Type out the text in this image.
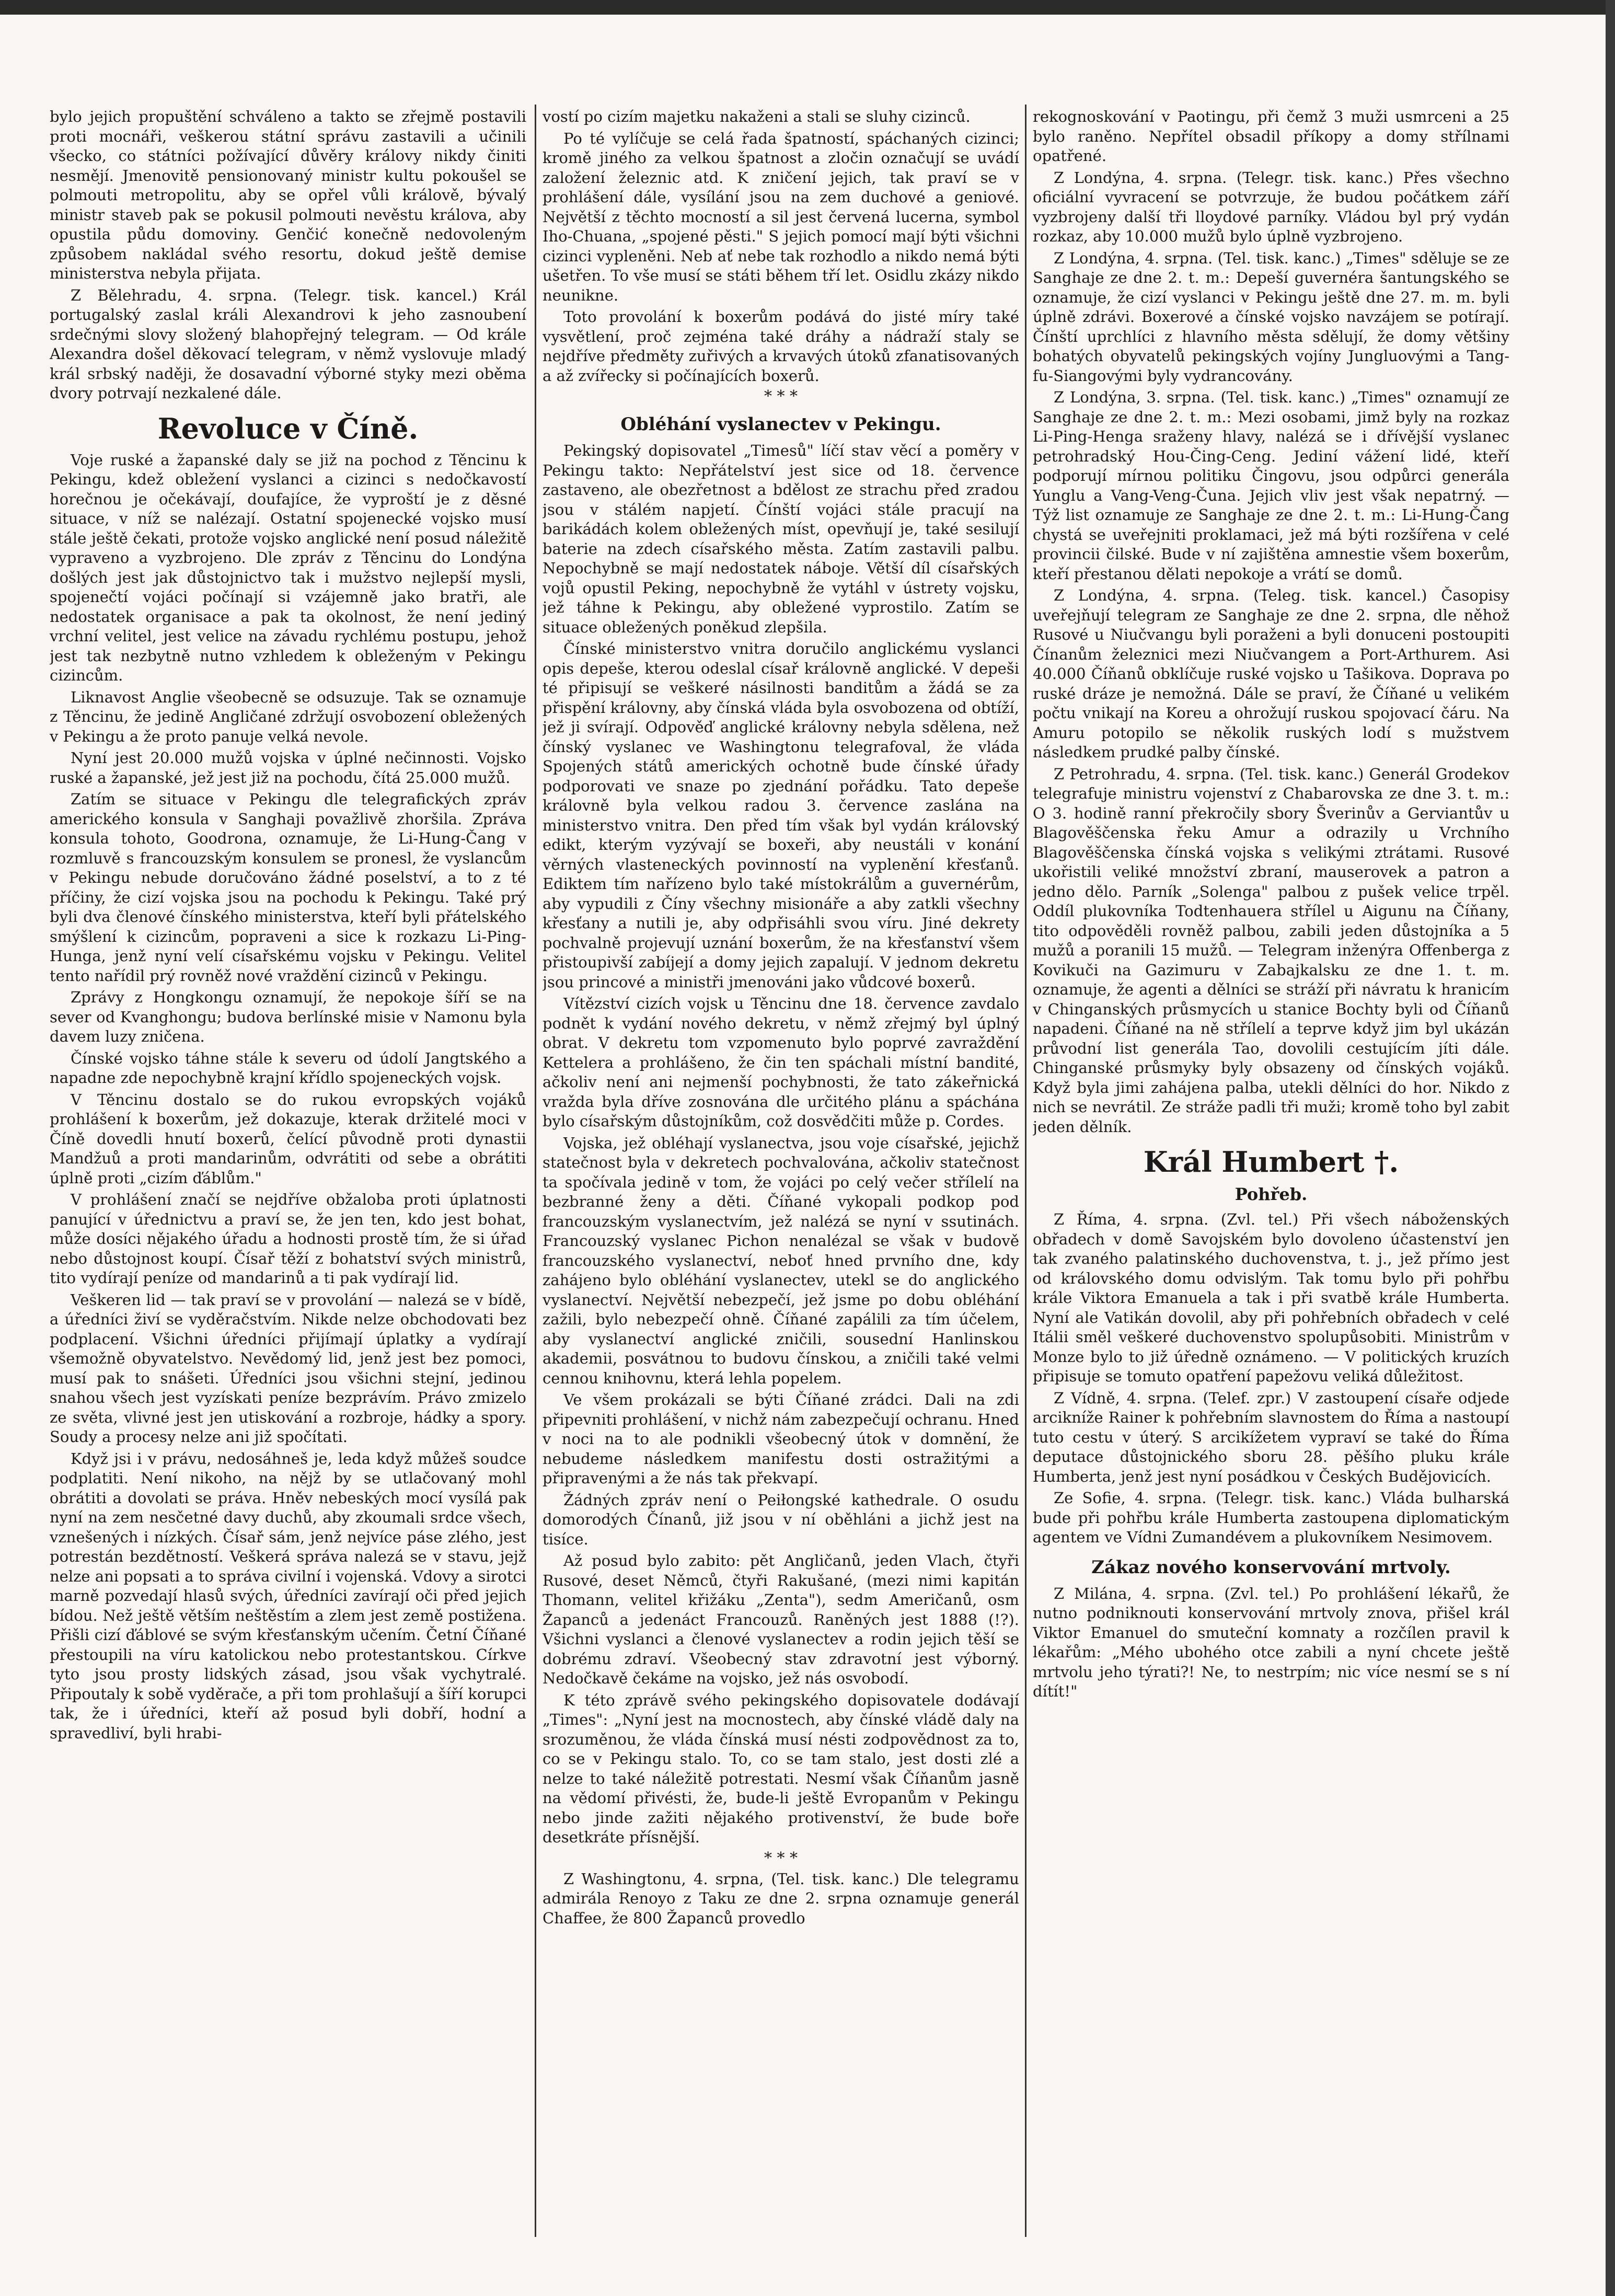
bylo jejich propuštění schváleno a takto se zřejmě postavili proti mocnáři, veškerou státní správu zastavili a učinili všecko, co státníci požívající důvěry královy nikdy činiti nesmějí. Jmenovitě pensionovaný ministr kultu pokoušel se polmouti metropolitu, aby se opřel vůli králově, bývalý ministr staveb pak se pokusil polmouti nevěstu králova, aby opustila půdu domoviny. Genčić konečně nedovoleným způsobem nakládal svého resortu, dokud ještě demise ministerstva nebyla přijata.

Z Bělehradu, 4. srpna. (Telegr. tisk. kancel.) Král portugalský zaslal králi Alexandrovi k jeho zasnoubení srdečnými slovy složený blahopřejný telegram. — Od krále Alexandra došel děkovací telegram, v němž vyslovuje mladý král srbský naději, že dosavadní výborné styky mezi oběma dvory potrvají nezkalené dále.

Revoluce v Číně.

Voje ruské a žapanské daly se již na pochod z Těncinu k Pekingu, kdež obležení vyslanci a cizinci s nedočkavostí horečnou je očekávají, doufajíce, že vyproští je z děsné situace, v níž se nalézají. Ostatní spojenecké vojsko musí stále ještě čekati, protože vojsko anglické není posud náležitě vypraveno a vyzbrojeno. Dle zpráv z Těncinu do Londýna došlých jest jak důstojnictvo tak i mužstvo nejlepší mysli, spojenečtí vojáci počínají si vzájemně jako bratři, ale nedostatek organisace a pak ta okolnost, že není jediný vrchní velitel, jest velice na závadu rychlému postupu, jehož jest tak nezbytně nutno vzhledem k obleženým v Pekingu cizincům.

Liknavost Anglie všeobecně se odsuzuje. Tak se oznamuje z Těncinu, že jedině Angličané zdržují osvobození obležených v Pekingu a že proto panuje velká nevole.

Nyní jest 20.000 mužů vojska v úplné nečinnosti. Vojsko ruské a žapanské, jež jest již na pochodu, čítá 25.000 mužů.

Zatím se situace v Pekingu dle telegrafických zpráv amerického konsula v Sanghaji považlivě zhoršila. Zpráva konsula tohoto, Goodrona, oznamuje, že Li-Hung-Čang v rozmluvě s francouzským konsulem se pronesl, že vyslancům v Pekingu nebude doručováno žádné poselství, a to z té příčiny, že cizí vojska jsou na pochodu k Pekingu. Také prý byli dva členové čínského ministerstva, kteří byli přátelského smýšlení k cizincům, popraveni a sice k rozkazu Li-Ping-Hunga, jenž nyní velí císařskému vojsku v Pekingu. Velitel tento nařídil prý rovněž nové vraždění cizinců v Pekingu.

Zprávy z Hongkongu oznamují, že nepokoje šíří se na sever od Kvanghongu; budova berlínské misie v Namonu byla davem luzy zničena.

Čínské vojsko táhne stále k severu od údolí Jangtského a napadne zde nepochybně krajní křídlo spojeneckých vojsk.

V Těncinu dostalo se do rukou evropských vojáků prohlášení k boxerům, jež dokazuje, kterak držitelé moci v Číně dovedli hnutí boxerů, čelící původně proti dynastii Mandžuů a proti mandarinům, odvrátiti od sebe a obrátiti úplně proti „cizím ďáblům."

V prohlášení značí se nejdříve obžaloba proti úplatnosti panující v úřednictvu a praví se, že jen ten, kdo jest bohat, může dosíci nějakého úřadu a hodnosti prostě tím, že si úřad nebo důstojnost koupí. Čísař těží z bohatství svých ministrů, tito vydírají peníze od mandarinů a ti pak vydírají lid.

Veškeren lid — tak praví se v provolání — nalezá se v bídě, a úředníci živí se vyděračstvím. Nikde nelze obchodovati bez podplacení. Všichni úředníci přijímají úplatky a vydírají všemožně obyvatelstvo. Nevědomý lid, jenž jest bez pomoci, musí pak to snášeti. Úředníci jsou všichni stejní, jedinou snahou všech jest vyzískati peníze bezprávím. Právo zmizelo ze světa, vlivné jest jen utiskování a rozbroje, hádky a spory. Soudy a procesy nelze ani již spočítati.

Když jsi i v právu, nedosáhneš je, leda když můžeš soudce podplatiti. Není nikoho, na nějž by se utlačovaný mohl obrátiti a dovolati se práva. Hněv nebeských mocí vysílá pak nyní na zem nesčetné davy duchů, aby zkoumali srdce všech, vznešených i nízkých. Čísař sám, jenž nejvíce páse zlého, jest potrestán bezdětností. Veškerá správa nalezá se v stavu, jejž nelze ani popsati a to správa civilní i vojenská. Vdovy a sirotci marně pozvedají hlasů svých, úředníci zavírají oči před jejich bídou. Než ještě větším neštěstím a zlem jest země postižena. Přišli cizí ďáblové se svým křesťanským učením. Četní Číňané přestoupili na víru katolickou nebo protestantskou. Církve tyto jsou prosty lidských zásad, jsou však vychytralé. Připoutaly k sobě vyděrače, a při tom prohlašují a šíří korupci tak, že i úředníci, kteří až posud byli dobří, hodní a spravedliví, byli hrabi-

vostí po cizím majetku nakaženi a stali se sluhy cizinců.

Po té vylíčuje se celá řada špatností, spáchaných cizinci; kromě jiného za velkou špatnost a zločin označují se uvádí založení železnic atd. K zničení jejich, tak praví se v prohlášení dále, vysílání jsou na zem duchové a geniové. Největší z těchto mocností a sil jest červená lucerna, symbol Iho-Chuana, „spojené pěsti." S jejich pomocí mají býti všichni cizinci vypleněni. Neb ať nebe tak rozhodlo a nikdo nemá býti ušetřen. To vše musí se státi během tří let. Osidlu zkázy nikdo neunikne.

Toto provolání k boxerům podává do jisté míry také vysvětlení, proč zejména také dráhy a nádraží staly se nejdříve předměty zuřivých a krvavých útoků zfanatisovaných a až zvířecky si počínajících boxerů.

* * *
Obléhání vyslanectev v Pekingu.

Pekingský dopisovatel „Timesů" líčí stav věcí a poměry v Pekingu takto: Nepřátelství jest sice od 18. července zastaveno, ale obezřetnost a bdělost ze strachu před zradou jsou v stálém napjetí. Čínští vojáci stále pracují na barikádách kolem obležených míst, opevňují je, také sesilují baterie na zdech císařského města. Zatím zastavili palbu. Nepochybně se mají nedostatek náboje. Větší díl císařských vojů opustil Peking, nepochybně že vytáhl v ústrety vojsku, jež táhne k Pekingu, aby obležené vyprostilo. Zatím se situace obležených poněkud zlepšila.

Čínské ministerstvo vnitra doručilo anglickému vyslanci opis depeše, kterou odeslal císař královně anglické. V depeši té připisují se veškeré násilnosti banditům a žádá se za přispění královny, aby čínská vláda byla osvobozena od obtíží, jež ji svírají. Odpověď anglické královny nebyla sdělena, než čínský vyslanec ve Washingtonu telegrafoval, že vláda Spojených států amerických ochotně bude čínské úřady podporovati ve snaze po zjednání pořádku. Tato depeše královně byla velkou radou 3. července zaslána na ministerstvo vnitra. Den před tím však byl vydán královský edikt, kterým vyzývají se boxeři, aby neustáli v konání věrných vlasteneckých povinností na vyplenění křesťanů. Ediktem tím nařízeno bylo také místokrálům a guvernérům, aby vypudili z Číny všechny misionáře a aby zatkli všechny křesťany a nutili je, aby odpřisáhli svou víru. Jiné dekrety pochvalně projevují uznání boxerům, že na křesťanství všem přistoupivší zabíjejí a domy jejich zapalují. V jednom dekretu jsou princové a ministři jmenováni jako vůdcové boxerů.

Vítězství cizích vojsk u Těncinu dne 18. července zavdalo podnět k vydání nového dekretu, v němž zřejmý byl úplný obrat. V dekretu tom vzpomenuto bylo poprvé zavraždění Kettelera a prohlášeno, že čin ten spáchali místní bandité, ačkoliv není ani nejmenší pochybnosti, že tato zákeřnická vražda byla dříve zosnována dle určitého plánu a spáchána bylo císařským důstojníkům, což dosvědčiti může p. Cordes.

Vojska, jež obléhají vyslanectva, jsou voje císařské, jejichž statečnost byla v dekretech pochvalována, ačkoliv statečnost ta spočívala jedině v tom, že vojáci po celý večer střílelí na bezbranné ženy a děti. Číňané vykopali podkop pod francouzským vyslanectvím, jež nalézá se nyní v ssutinách. Francouzský vyslanec Pichon nenalézal se však v budově francouzského vyslanectví, neboť hned prvního dne, kdy zahájeno bylo obléhání vyslanectev, utekl se do anglického vyslanectví. Největší nebezpečí, jež jsme po dobu obléhání zažili, bylo nebezpečí ohně. Číňané zapálili za tím účelem, aby vyslanectví anglické zničili, sousední Hanlinskou akademii, posvátnou to budovu čínskou, a zničili také velmi cennou knihovnu, která lehla popelem.

Ve všem prokázali se býti Číňané zrádci. Dali na zdi připevniti prohlášení, v nichž nám zabezpečují ochranu. Hned v noci na to ale podnikli všeobecný útok v domnění, že nebudeme následkem manifestu dosti ostražitými a připravenými a že nás tak překvapí.

Žádných zpráv není o Peiłongské kathedrale. O osudu domorodých Čínanů, již jsou v ní oběhláni a jichž jest na tisíce.

Až posud bylo zabito: pět Angličanů, jeden Vlach, čtyři Rusové, deset Němců, čtyři Rakušané, (mezi nimi kapitán Thomann, velitel křižáku „Zenta"), sedm Američanů, osm Žapanců a jedenáct Francouzů. Raněných jest 1888 (!?). Všichni vyslanci a členové vyslanectev a rodin jejich těší se dobrému zdraví. Všeobecný stav zdravotní jest výborný. Nedočkavě čekáme na vojsko, jež nás osvobodí.

K této zprávě svého pekingského dopisovatele dodávají „Times": „Nyní jest na mocnostech, aby čínské vládě daly na srozuměnou, že vláda čínská musí nésti zodpovědnost za to, co se v Pekingu stalo. To, co se tam stalo, jest dosti zlé a nelze to také náležitě potrestati. Nesmí však Číňanům jasně na vědomí přivésti, že, bude-li ještě Evropanům v Pekingu nebo jinde zažiti nějakého protivenství, že bude boře desetkráte přísnější.

* * *

Z Washingtonu, 4. srpna, (Tel. tisk. kanc.) Dle telegramu admirála Renoyo z Taku ze dne 2. srpna oznamuje generál Chaffee, že 800 Žapanců provedlo

rekognoskování v Paotingu, při čemž 3 muži usmrceni a 25 bylo raněno. Nepřítel obsadil příkopy a domy střílnami opatřené.

Z Londýna, 4. srpna. (Telegr. tisk. kanc.) Přes všechno oficiální vyvracení se potvrzuje, že budou počátkem září vyzbrojeny další tři lloydové parníky. Vládou byl prý vydán rozkaz, aby 10.000 mužů bylo úplně vyzbrojeno.

Z Londýna, 4. srpna. (Tel. tisk. kanc.) „Times" sděluje se ze Sanghaje ze dne 2. t. m.: Depeší guvernéra šantungského se oznamuje, že cizí vyslanci v Pekingu ještě dne 27. m. m. byli úplně zdrávi. Boxerové a čínské vojsko navzájem se potírají. Čínští uprchlíci z hlavního města sdělují, že domy většiny bohatých obyvatelů pekingských vojíny Jungluovými a Tang-fu-Siangovými byly vydrancovány.

Z Londýna, 3. srpna. (Tel. tisk. kanc.) „Times" oznamují ze Sanghaje ze dne 2. t. m.: Mezi osobami, jimž byly na rozkaz Li-Ping-Henga sraženy hlavy, nalézá se i dřívější vyslanec petrohradský Hou-Čing-Ceng. Jediní vážení lidé, kteří podporují mírnou politiku Čingovu, jsou odpůrci generála Yunglu a Vang-Veng-Čuna. Jejich vliv jest však nepatrný. — Týž list oznamuje ze Sanghaje ze dne 2. t. m.: Li-Hung-Čang chystá se uveřejniti proklamaci, jež má býti rozšířena v celé provincii čilské. Bude v ní zajištěna amnestie všem boxerům, kteří přestanou dělati nepokoje a vrátí se domů.

Z Londýna, 4. srpna. (Teleg. tisk. kancel.) Časopisy uveřejňují telegram ze Sanghaje ze dne 2. srpna, dle něhož Rusové u Niučvangu byli poraženi a byli donuceni postoupiti Čínanům železnici mezi Niučvangem a Port-Arthurem. Asi 40.000 Číňanů obklíčuje ruské vojsko u Tašikova. Doprava po ruské dráze je nemožná. Dále se praví, že Číňané u velikém počtu vnikají na Koreu a ohrožují ruskou spojovací čáru. Na Amuru potopilo se několik ruských lodí s mužstvem následkem prudké palby čínské.

Z Petrohradu, 4. srpna. (Tel. tisk. kanc.) Generál Grodekov telegrafuje ministru vojenství z Chabarovska ze dne 3. t. m.: O 3. hodině ranní překročily sbory Šverinův a Gerviantův u Blagověščenska řeku Amur a odrazily u Vrchního Blagověščenska čínská vojska s velikými ztrátami. Rusové ukořistili veliké množství zbraní, mauserovek a patron a jedno dělo. Parník „Solenga" palbou z pušek velice trpěl. Oddíl plukovníka Todtenhauera střílel u Aigunu na Číňany, tito odpověděli rovněž palbou, zabili jeden důstojníka a 5 mužů a poranili 15 mužů. — Telegram inženýra Offenberga z Kovikuči na Gazimuru v Zabajkalsku ze dne 1. t. m. oznamuje, že agenti a dělníci se stráží při návratu k hranicím v Chinganských průsmycích u stanice Bochty byli od Číňanů napadeni. Číňané na ně střílelí a teprve když jim byl ukázán průvodní list generála Tao, dovolili cestujícím jíti dále. Chinganské průsmyky byly obsazeny od čínských vojáků. Když byla jimi zahájena palba, utekli dělníci do hor. Nikdo z nich se nevrátil. Ze stráže padli tři muži; kromě toho byl zabit jeden dělník.

Král Humbert †.
Pohřeb.

Z Říma, 4. srpna. (Zvl. tel.) Při všech náboženských obřadech v domě Savojském bylo dovoleno účastenství jen tak zvaného palatinského duchovenstva, t. j., jež přímo jest od královského domu odvislým. Tak tomu bylo při pohřbu krále Viktora Emanuela a tak i při svatbě krále Humberta. Nyní ale Vatikán dovolil, aby při pohřebních obřadech v celé Itálii směl veškeré duchovenstvo spolupůsobiti. Ministrům v Monze bylo to již úředně oznámeno. — V politických kruzích připisuje se tomuto opatření papežovu veliká důležitost.

Z Vídně, 4. srpna. (Telef. zpr.) V zastoupení císaře odjede arcikníže Rainer k pohřebním slavnostem do Říma a nastoupí tuto cestu v úterý. S arcikížetem vypraví se také do Říma deputace důstojnického sboru 28. pěšího pluku krále Humberta, jenž jest nyní posádkou v Českých Budějovicích.

Ze Sofie, 4. srpna. (Telegr. tisk. kanc.) Vláda bulharská bude při pohřbu krále Humberta zastoupena diplomatickým agentem ve Vídni Zumandévem a plukovníkem Nesimovem.

Zákaz nového konservování mrtvoly.

Z Milána, 4. srpna. (Zvl. tel.) Po prohlášení lékařů, že nutno podniknouti konservování mrtvoly znova, přišel král Viktor Emanuel do smuteční komnaty a rozčílen pravil k lékařům: „Mého ubohého otce zabili a nyní chcete ještě mrtvolu jeho týrati?! Ne, to nestrpím; nic více nesmí se s ní dítít!"
